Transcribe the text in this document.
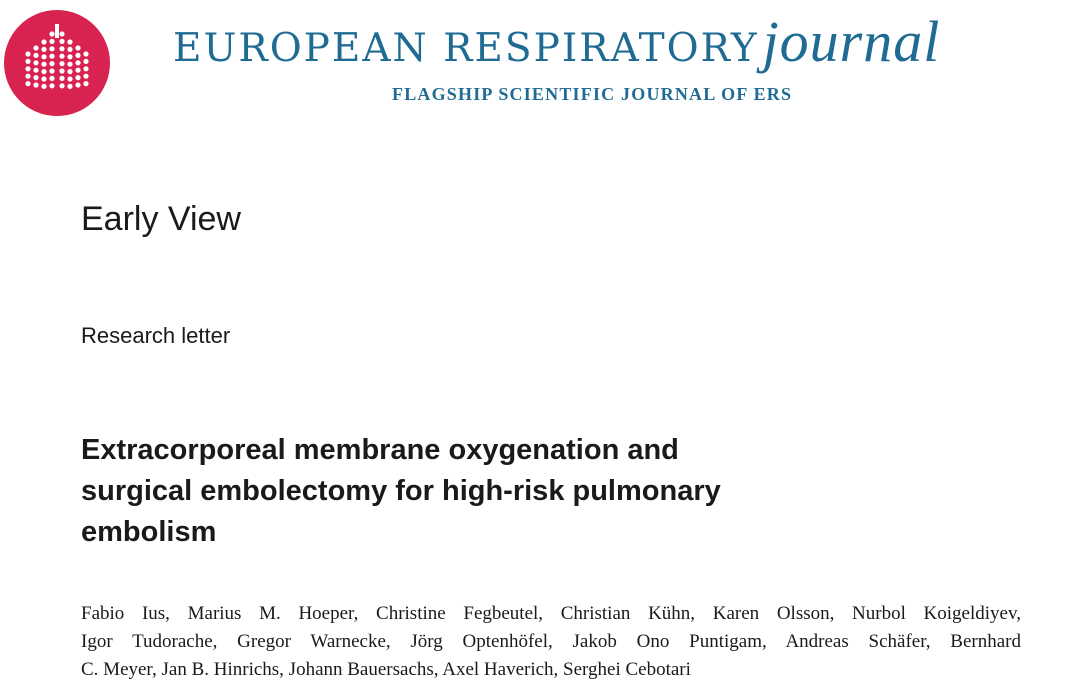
EUROPEAN RESPIRATORYjournal
FLAGSHIP SCIENTIFIC JOURNAL OF ERS
Early View
Research letter
Extracorporeal membrane oxygenation and
surgical embolectomy for high-risk pulmonary
embolism
Fabio Ius, Marius M. Hoeper, Christine Fegbeutel, Christian Kühn, Karen Olsson, Nurbol Koigeldiyev,
Igor Tudorache, Gregor Warnecke, Jörg Optenhöfel, Jakob Ono Puntigam, Andreas Schäfer, Bernhard
C. Meyer, Jan B. Hinrichs, Johann Bauersachs, Axel Haverich, Serghei Cebotari
